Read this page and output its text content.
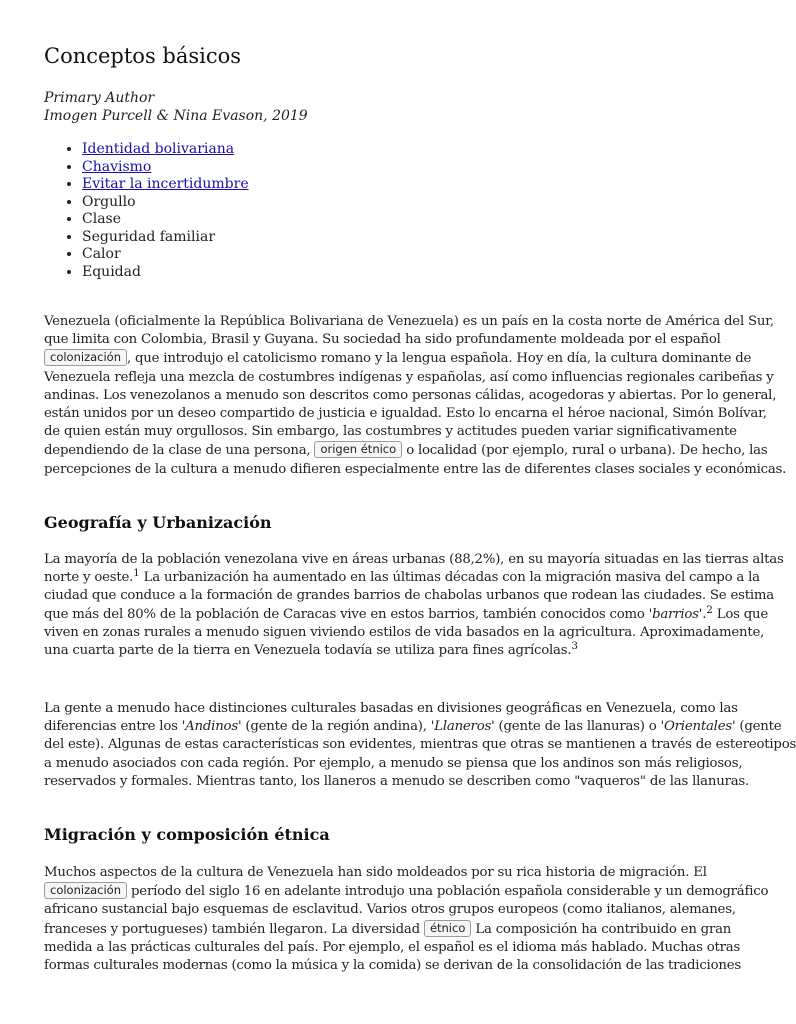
Conceptos básicos
Primary Author
Imogen Purcell & Nina Evason, 2019
• Identidad bolivariana
• Chavismo
• Evitar la incertidumbre
• Orgullo
• Clase
• Seguridad familiar
• Calor
• Equidad

Venezuela (oficialmente la República Bolivariana de Venezuela) es un país en la costa norte de América del Sur,
que limita con Colombia, Brasil y Guyana. Su sociedad ha sido profundamente moldeada por el español
colonización , que introdujo el catolicismo romano y la lengua española. Hoy en día, la cultura dominante de
Venezuela refleja una mezcla de costumbres indígenas y españolas, así como influencias regionales caribeñas y
andinas. Los venezolanos a menudo son descritos como personas cálidas, acogedoras y abiertas. Por lo general,
están unidos por un deseo compartido de justicia e igualdad. Esto lo encarna el héroe nacional, Simón Bolívar,
de quien están muy orgullosos. Sin embargo, las costumbres y actitudes pueden variar significativamente
dependiendo de la clase de una persona, origen étnico o localidad (por ejemplo, rural o urbana). De hecho, las
percepciones de la cultura a menudo difieren especialmente entre las de diferentes clases sociales y económicas.

Geografía y Urbanización

La mayoría de la población venezolana vive en áreas urbanas (88,2%), en su mayoría situadas en las tierras altas
norte y oeste.$^1$ La urbanización ha aumentado en las últimas décadas con la migración masiva del campo a la
ciudad que conduce a la formación de grandes barrios de chabolas urbanos que rodean las ciudades. Se estima
que más del 80% de la población de Caracas vive en estos barrios, también conocidos como 'barrios'.$^2$ Los que
viven en zonas rurales a menudo siguen viviendo estilos de vida basados en la agricultura. Aproximadamente,
una cuarta parte de la tierra en Venezuela todavía se utiliza para fines agrícolas.$^3$

La gente a menudo hace distinciones culturales basadas en divisiones geográficas en Venezuela, como las
diferencias entre los 'Andinos' (gente de la región andina), 'Llaneros' (gente de las llanuras) o 'Orientales' (gente
del este). Algunas de estas características son evidentes, mientras que otras se mantienen a través de estereotipos
a menudo asociados con cada región. Por ejemplo, a menudo se piensa que los andinos son más religiosos,
reservados y formales. Mientras tanto, los llaneros a menudo se describen como "vaqueros" de las llanuras.

Migración y composición étnica

Muchos aspectos de la cultura de Venezuela han sido moldeados por su rica historia de migración. El
colonización período del siglo 16 en adelante introdujo una población española considerable y un demográfico
africano sustancial bajo esquemas de esclavitud. Varios otros grupos europeos (como italianos, alemanes,
franceses y portugueses) también llegaron. La diversidad étnico La composición ha contribuido en gran
medida a las prácticas culturales del país. Por ejemplo, el español es el idioma más hablado. Muchas otras
formas culturales modernas (como la música y la comida) se derivan de la consolidación de las tradiciones
